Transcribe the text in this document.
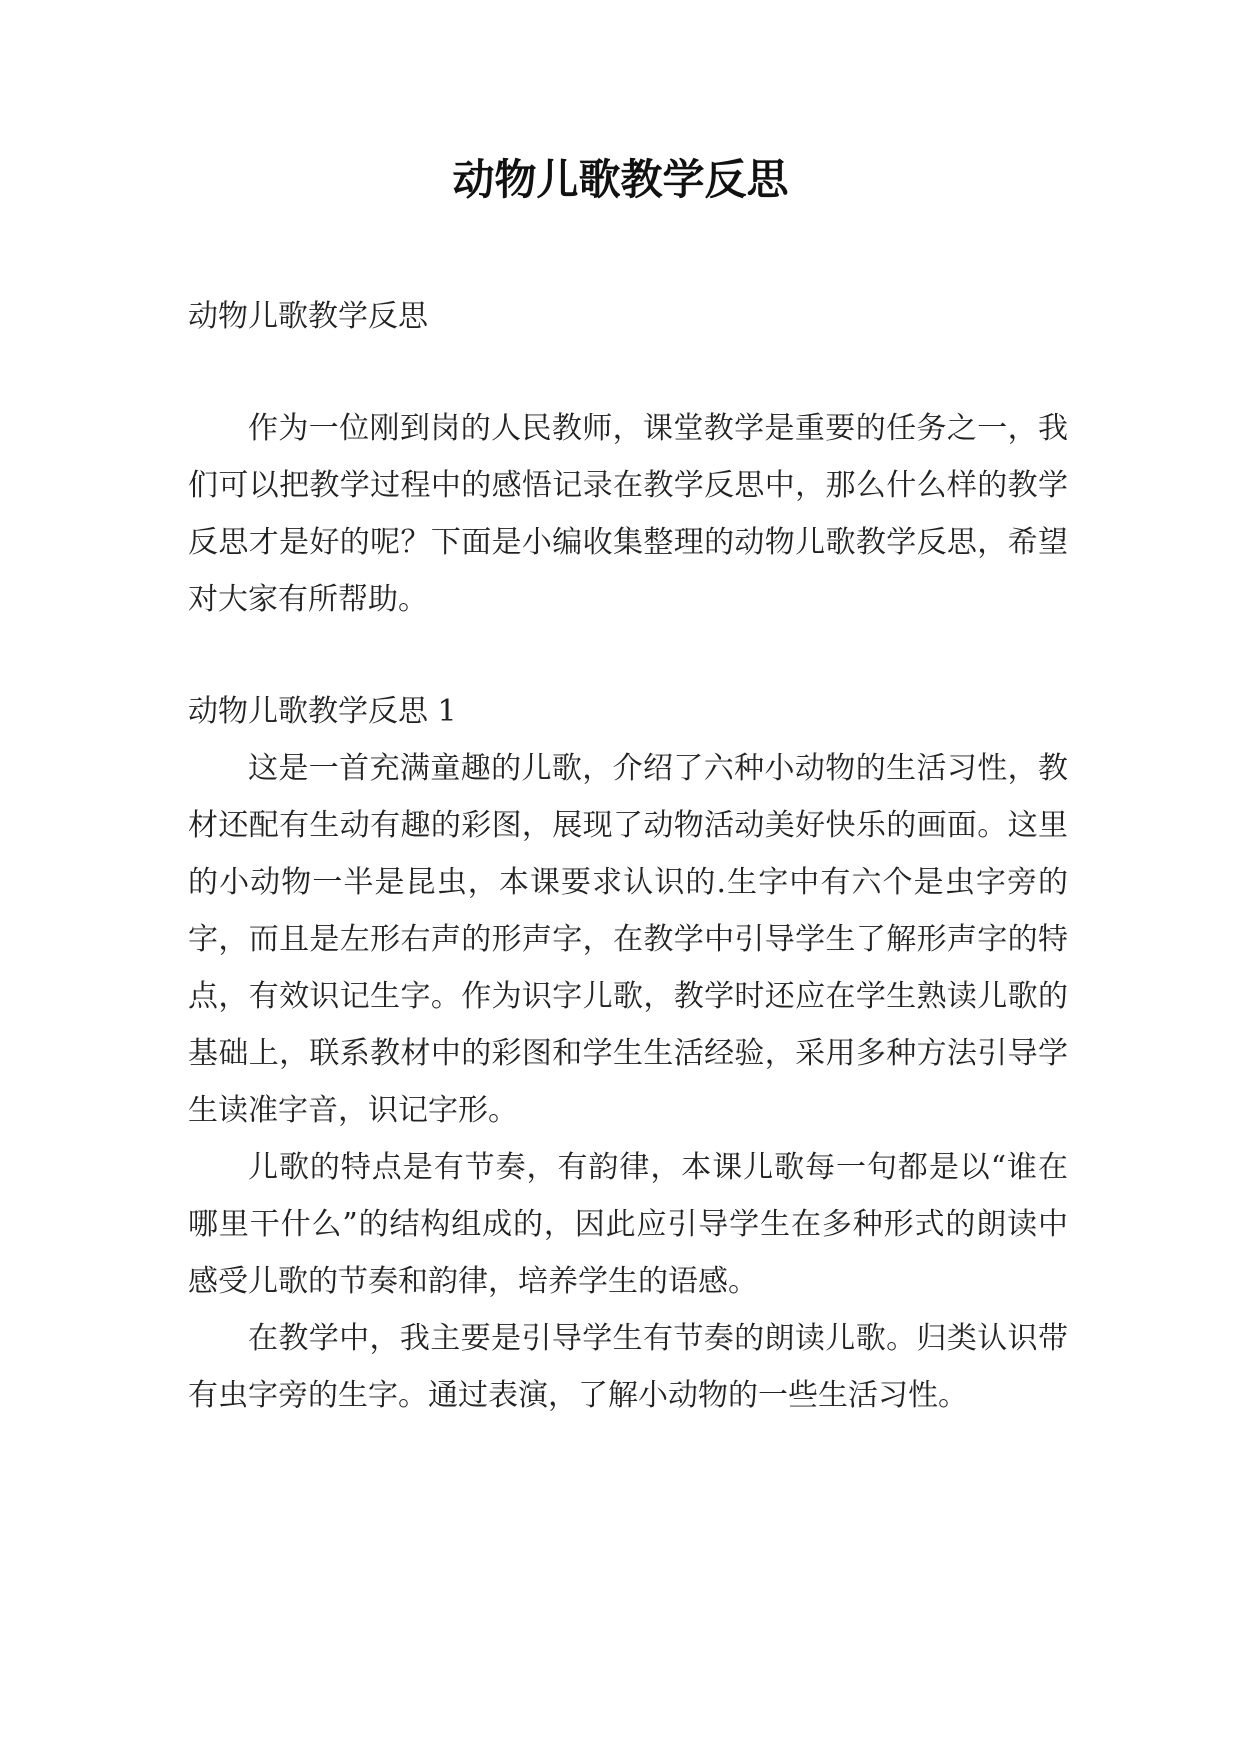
动物儿歌教学反思

动物儿歌教学反思

作为一位刚到岗的人民教师，课堂教学是重要的任务之一，我们可以把教学过程中的感悟记录在教学反思中，那么什么样的教学反思才是好的呢？下面是小编收集整理的动物儿歌教学反思，希望对大家有所帮助。

动物儿歌教学反思 1

这是一首充满童趣的儿歌，介绍了六种小动物的生活习性，教材还配有生动有趣的彩图，展现了动物活动美好快乐的画面。这里的小动物一半是昆虫，本课要求认识的.生字中有六个是虫字旁的字，而且是左形右声的形声字，在教学中引导学生了解形声字的特点，有效识记生字。作为识字儿歌，教学时还应在学生熟读儿歌的基础上，联系教材中的彩图和学生生活经验，采用多种方法引导学生读准字音，识记字形。

儿歌的特点是有节奏，有韵律，本课儿歌每一句都是以“谁在哪里干什么”的结构组成的，因此应引导学生在多种形式的朗读中感受儿歌的节奏和韵律，培养学生的语感。

在教学中，我主要是引导学生有节奏的朗读儿歌。归类认识带有虫字旁的生字。通过表演，了解小动物的一些生活习性。
